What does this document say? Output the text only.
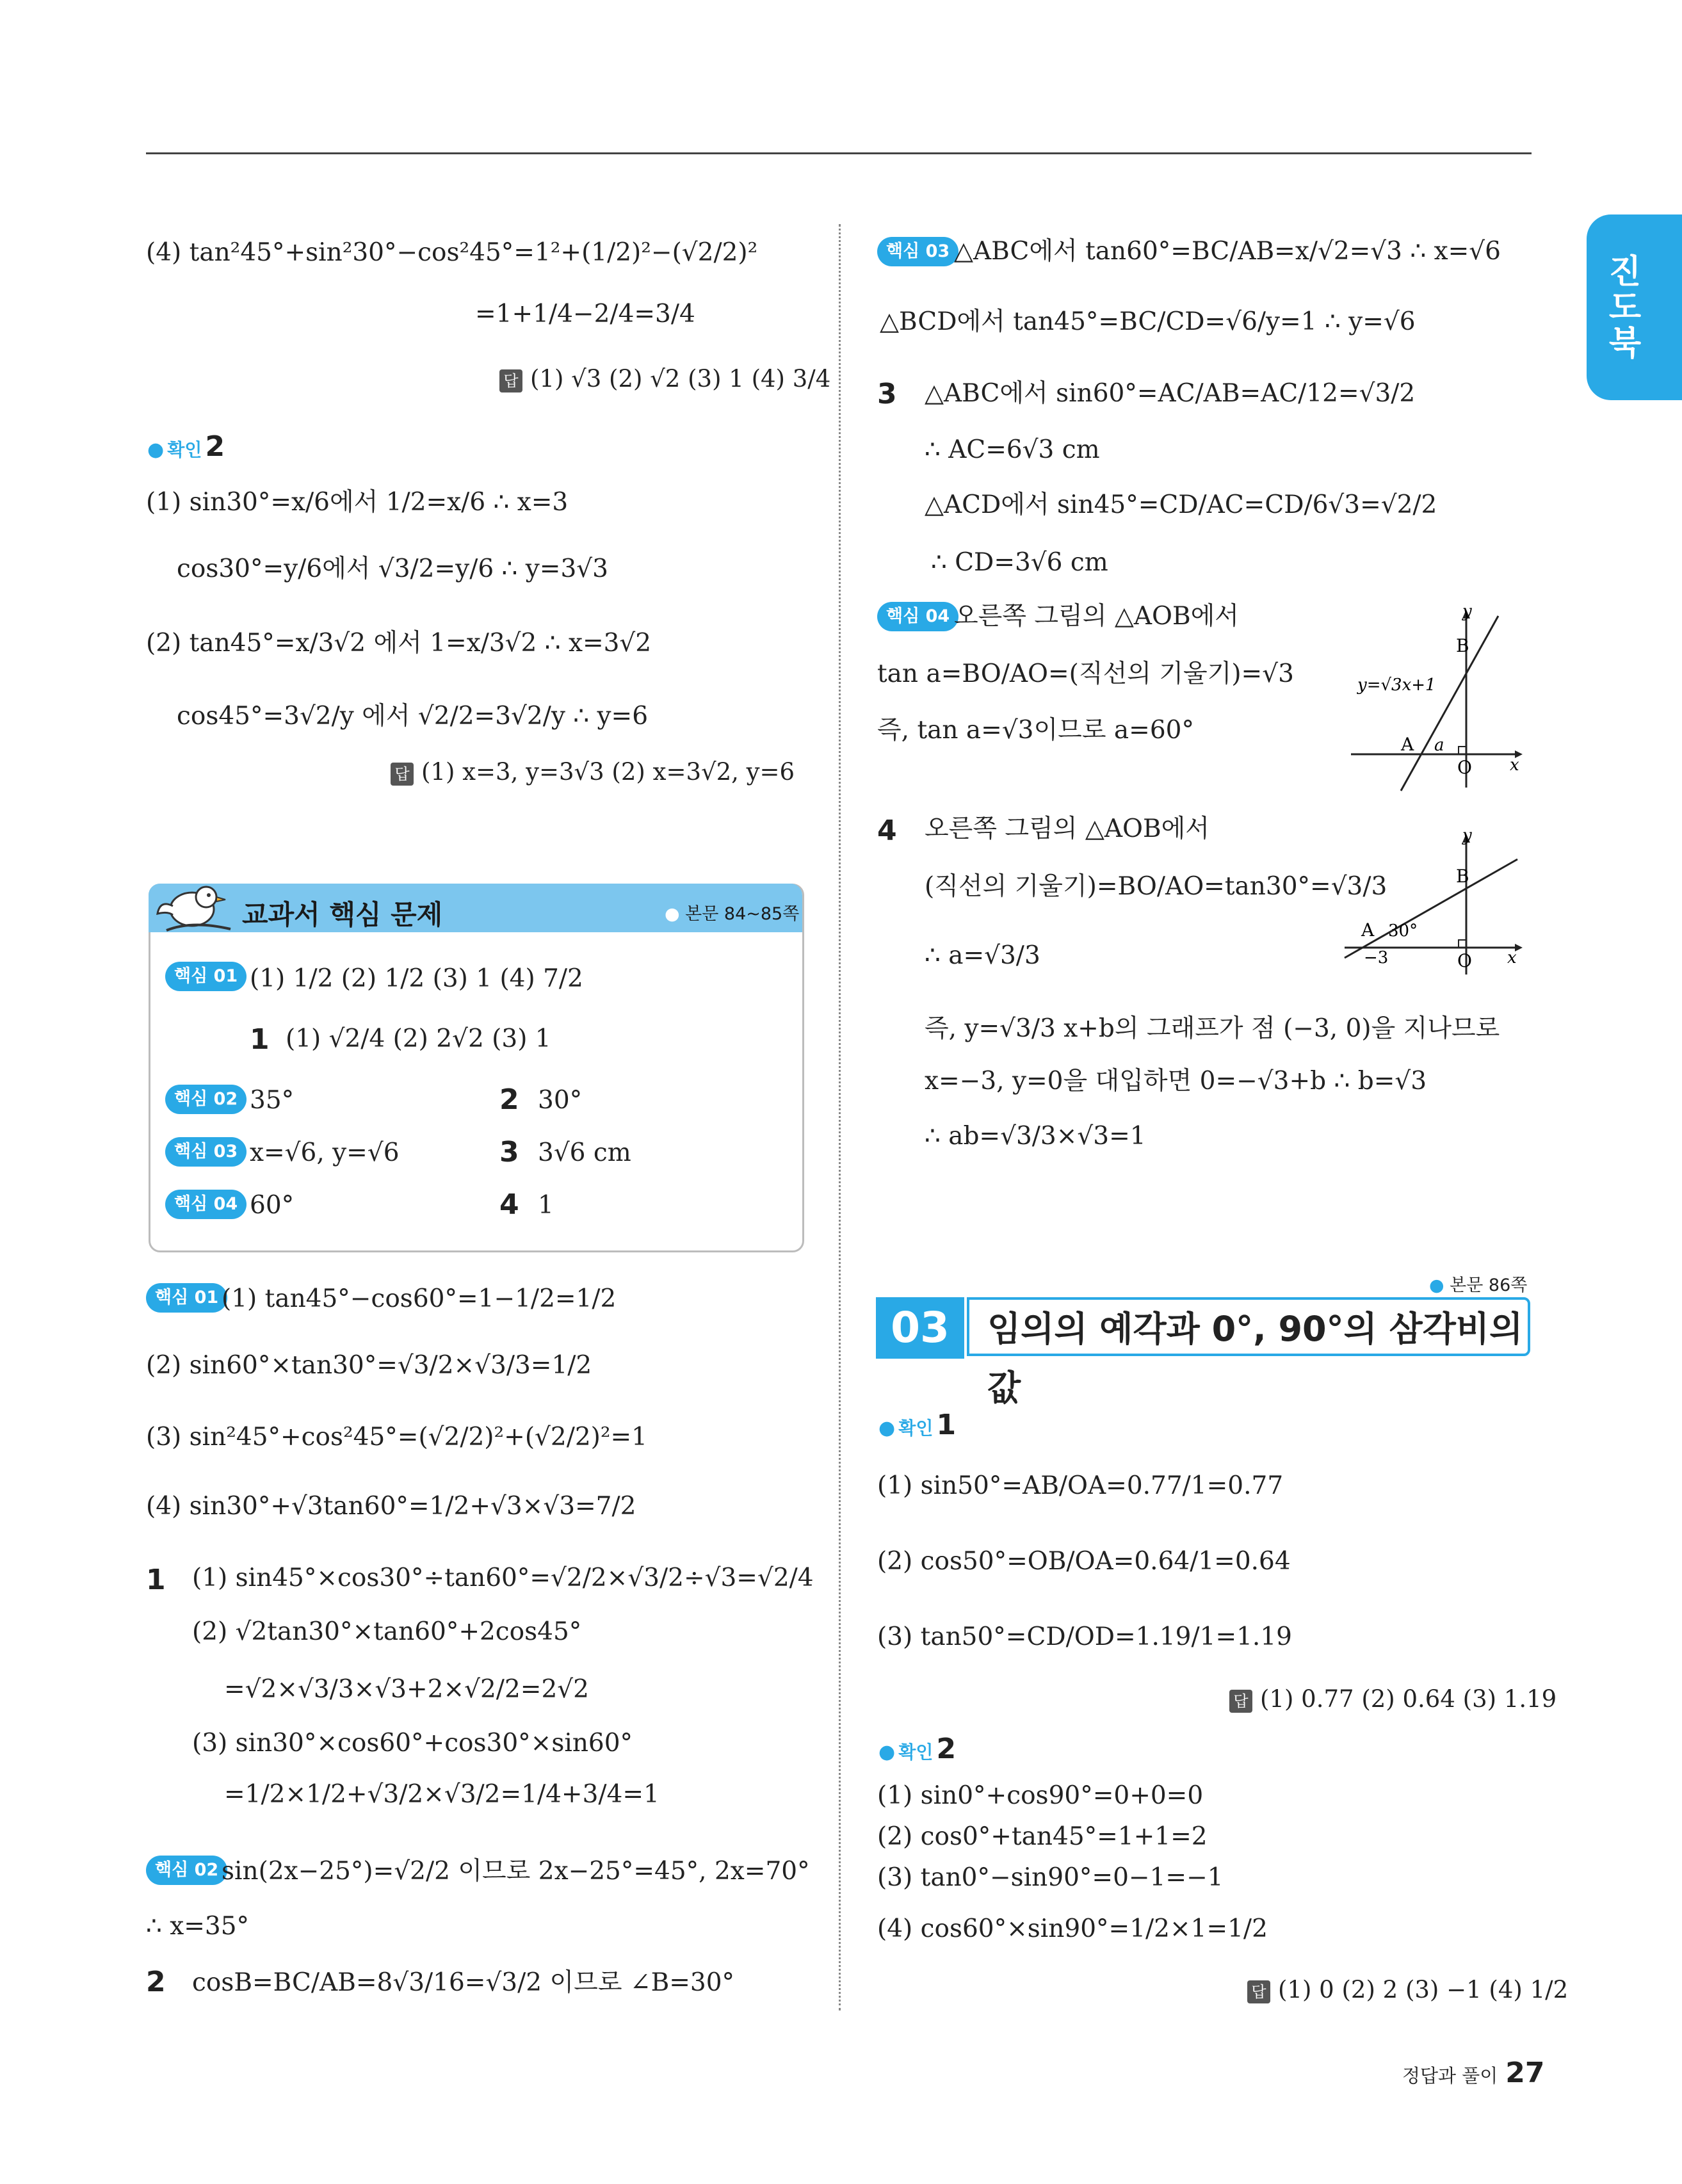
진도북
(4) tan²45°+sin²30°−cos²45°=1²+(1/2)²−(√2/2)²
=1+1/4−2/4=3/4
답 (1) √3 (2) √2 (3) 1 (4) 3/4
● 확인 2
(1) sin30°=x/6에서 1/2=x/6 ∴ x=3
cos30°=y/6에서 √3/2=y/6 ∴ y=3√3
(2) tan45°=x/3√2 에서 1=x/3√2 ∴ x=3√2
cos45°=3√2/y 에서 √2/2=3√2/y ∴ y=6
답 (1) x=3, y=3√3 (2) x=3√2, y=6
교과서 핵심 문제	● 본문 84~85쪽
핵심 01 (1) 1/2 (2) 1/2 (3) 1 (4) 7/2
1 (1) √2/4 (2) 2√2 (3) 1
핵심 02 35°	2 30°
핵심 03 x=√6, y=√6	3 3√6 cm
핵심 04 60°	4 1
핵심 01 (1) tan45°−cos60°=1−1/2=1/2
(2) sin60°×tan30°=√3/2×√3/3=1/2
(3) sin²45°+cos²45°=(√2/2)²+(√2/2)²=1
(4) sin30°+√3tan60°=1/2+√3×√3=7/2
1 (1) sin45°×cos30°÷tan60°=√2/2×√3/2÷√3=√2/4
(2) √2tan30°×tan60°+2cos45°
=√2×√3/3×√3+2×√2/2=2√2
(3) sin30°×cos60°+cos30°×sin60°
=1/2×1/2+√3/2×√3/2=1/4+3/4=1
핵심 02 sin(2x−25°)=√2/2 이므로 2x−25°=45°, 2x=70°
∴ x=35°
2 cosB=BC/AB=8√3/16=√3/2 이므로 ∠B=30°
핵심 03 △ABC에서 tan60°=BC/AB=x/√2=√3 ∴ x=√6
△BCD에서 tan45°=BC/CD=√6/y=1 ∴ y=√6
3 △ABC에서 sin60°=AC/AB=AC/12=√3/2
∴ AC=6√3 cm
△ACD에서 sin45°=CD/AC=CD/6√3=√2/2
∴ CD=3√6 cm
핵심 04 오른쪽 그림의 △AOB에서
tan a=BO/AO=(직선의 기울기)=√3
즉, tan a=√3이므로 a=60°
y
x
B
A
O
a
y=√3x+1
4 오른쪽 그림의 △AOB에서
(직선의 기울기)=BO/AO=tan30°=√3/3
∴ a=√3/3
즉, y=√3/3 x+b의 그래프가 점 (−3, 0)을 지나므로
x=−3, y=0을 대입하면 0=−√3+b ∴ b=√3
∴ ab=√3/3×√3=1
y
x
B
A
O
30°
−3
● 본문 86쪽
03	임의의 예각과 0°, 90°의 삼각비의 값
● 확인 1
(1) sin50°=AB/OA=0.77/1=0.77
(2) cos50°=OB/OA=0.64/1=0.64
(3) tan50°=CD/OD=1.19/1=1.19
답 (1) 0.77 (2) 0.64 (3) 1.19
● 확인 2
(1) sin0°+cos90°=0+0=0
(2) cos0°+tan45°=1+1=2
(3) tan0°−sin90°=0−1=−1
(4) cos60°×sin90°=1/2×1=1/2
답 (1) 0 (2) 2 (3) −1 (4) 1/2
정답과 풀이 27
